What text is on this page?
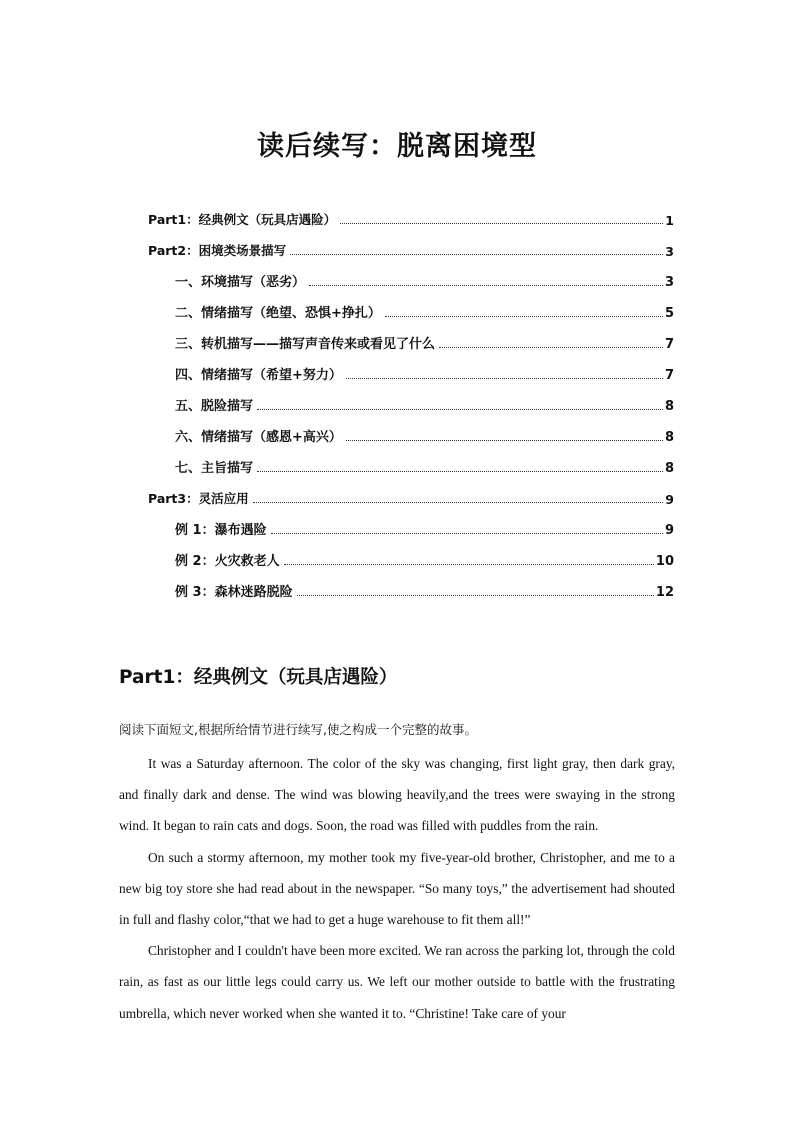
读后续写：脱离困境型
Part1：经典例文（玩具店遇险）	1
Part2：困境类场景描写	3
一、环境描写（恶劣）	3
二、情绪描写（绝望、恐惧+挣扎）	5
三、转机描写——描写声音传来或看见了什么	7
四、情绪描写（希望+努力）	7
五、脱险描写	8
六、情绪描写（感恩+高兴）	8
七、主旨描写	8
Part3：灵活应用	9
例 1：瀑布遇险	9
例 2：火灾救老人	10
例 3：森林迷路脱险	12
Part1：经典例文（玩具店遇险）
阅读下面短文,根据所给情节进行续写,使之构成一个完整的故事。

It was a Saturday afternoon. The color of the sky was changing, first light gray, then dark gray, and finally dark and dense. The wind was blowing heavily,and the trees were swaying in the strong wind. It began to rain cats and dogs. Soon, the road was filled with puddles from the rain.

On such a stormy afternoon, my mother took my five-year-old brother, Christopher, and me to a new big toy store she had read about in the newspaper. “So many toys,” the advertisement had shouted in full and flashy color,“that we had to get a huge warehouse to fit them all!”

Christopher and I couldn't have been more excited. We ran across the parking lot, through the cold rain, as fast as our little legs could carry us. We left our mother outside to battle with the frustrating umbrella, which never worked when she wanted it to. “Christine! Take care of your
